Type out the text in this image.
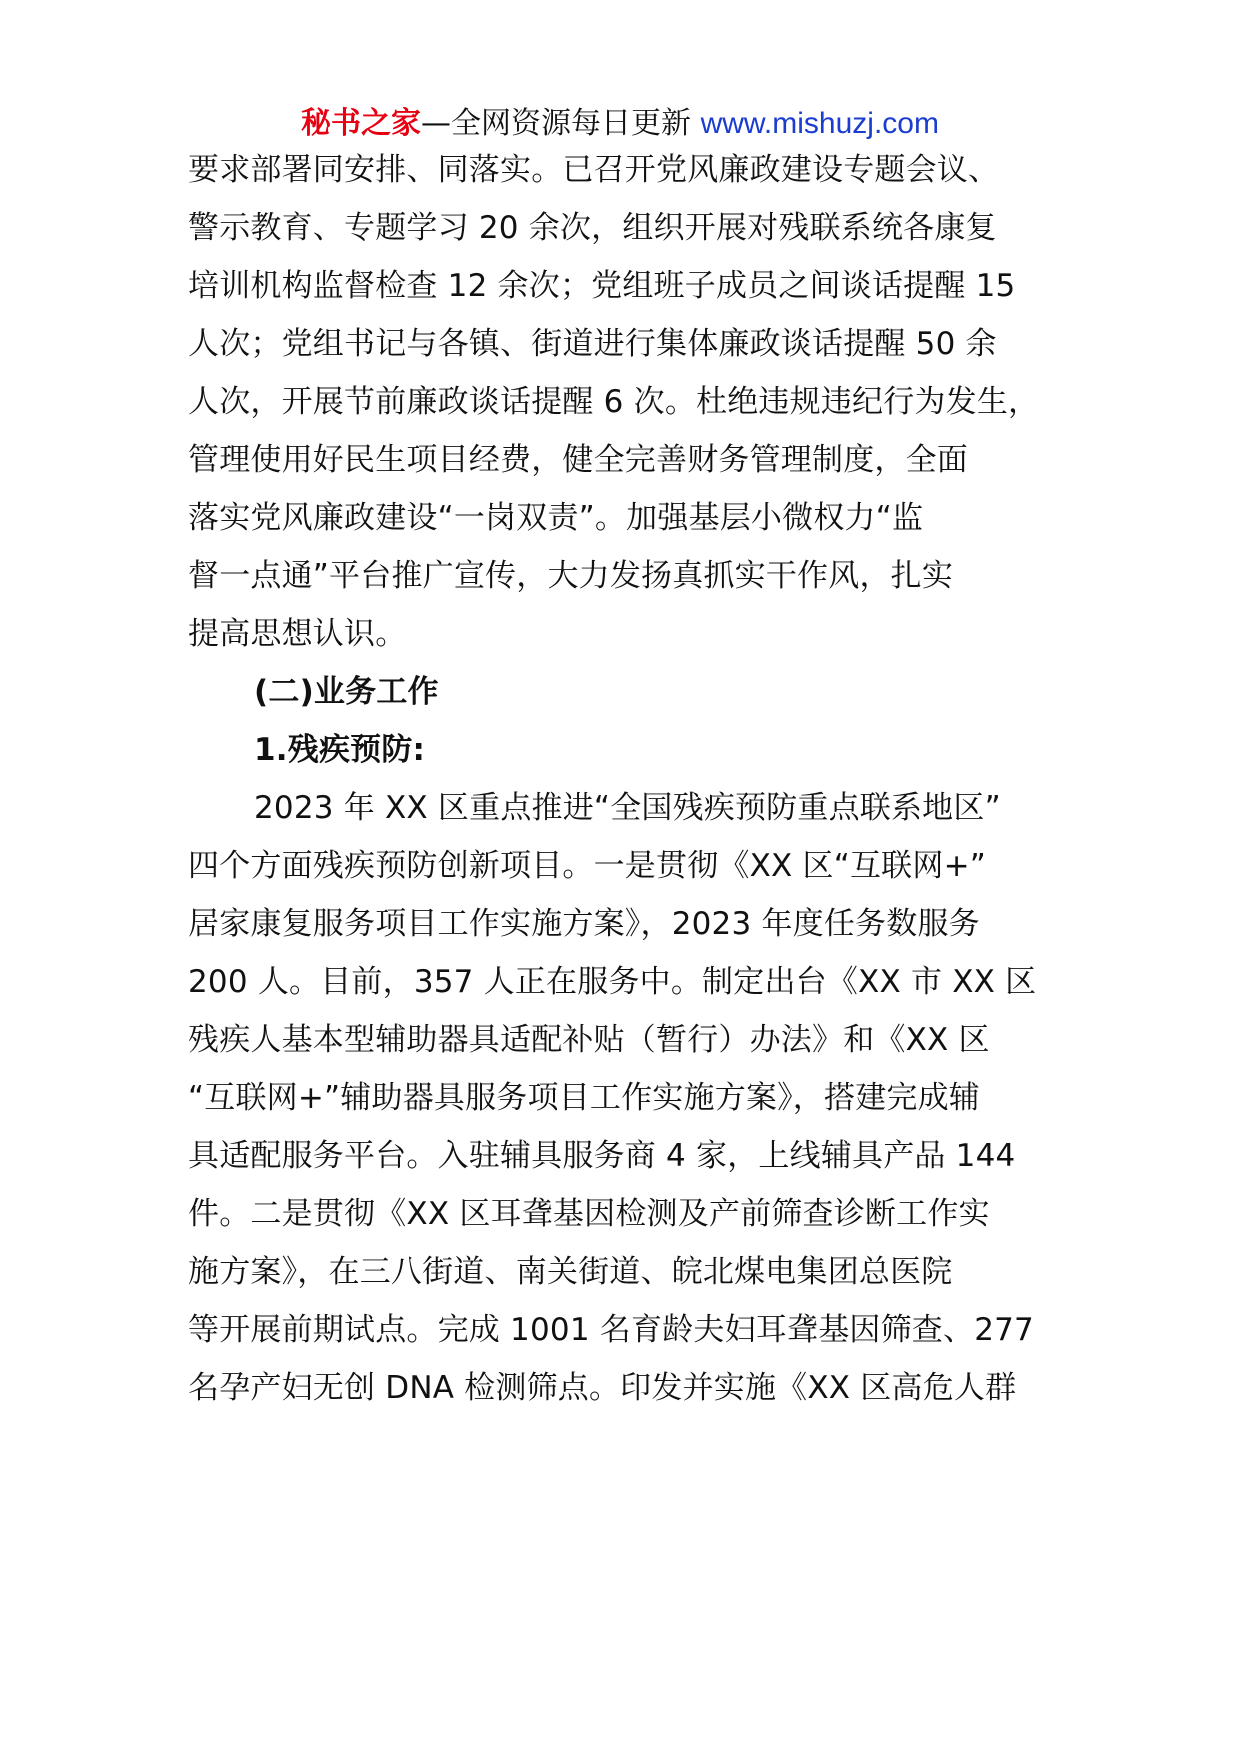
秘书之家—全网资源每日更新 www.mishuzj.com
要求部署同安排、同落实。已召开党风廉政建设专题会议、
警示教育、专题学习 20 余次，组织开展对残联系统各康复
培训机构监督检查 12 余次；党组班子成员之间谈话提醒 15
人次；党组书记与各镇、街道进行集体廉政谈话提醒 50 余
人次，开展节前廉政谈话提醒 6 次。杜绝违规违纪行为发生，
管理使用好民生项目经费，健全完善财务管理制度，全面
落实党风廉政建设“一岗双责”。加强基层小微权力“监
督一点通”平台推广宣传，大力发扬真抓实干作风，扎实
提高思想认识。
(二)业务工作
1.残疾预防:
2023 年 XX 区重点推进“全国残疾预防重点联系地区”
四个方面残疾预防创新项目。一是贯彻《XX 区“互联网+”
居家康复服务项目工作实施方案》，2023 年度任务数服务
200 人。目前，357 人正在服务中。制定出台《XX 市 XX 区
残疾人基本型辅助器具适配补贴（暂行）办法》和《XX 区
“互联网+”辅助器具服务项目工作实施方案》，搭建完成辅
具适配服务平台。入驻辅具服务商 4 家，上线辅具产品 144
件。二是贯彻《XX 区耳聋基因检测及产前筛查诊断工作实
施方案》，在三八街道、南关街道、皖北煤电集团总医院
等开展前期试点。完成 1001 名育龄夫妇耳聋基因筛查、277
名孕产妇无创 DNA 检测筛点。印发并实施《XX 区高危人群
